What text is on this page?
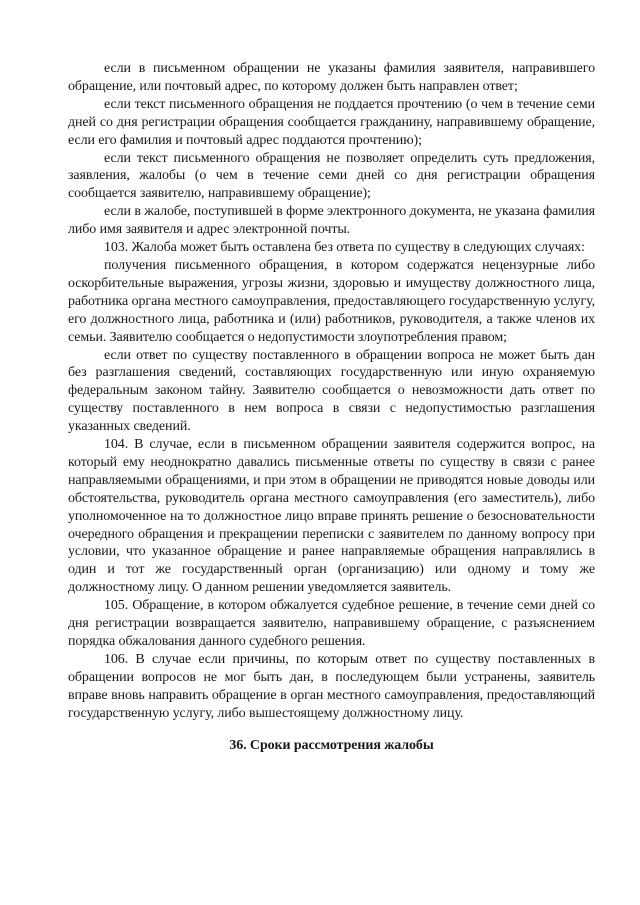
если в письменном обращении не указаны фамилия заявителя, направившего обращение, или почтовый адрес, по которому должен быть направлен ответ;

если текст письменного обращения не поддается прочтению (о чем в течение семи дней со дня регистрации обращения сообщается гражданину, направившему обращение, если его фамилия и почтовый адрес поддаются прочтению);

если текст письменного обращения не позволяет определить суть предложения, заявления, жалобы (о чем в течение семи дней со дня регистрации обращения сообщается заявителю, направившему обращение);

если в жалобе, поступившей в форме электронного документа, не указана фамилия либо имя заявителя и адрес электронной почты.

103. Жалоба может быть оставлена без ответа по существу в следующих случаях:

получения письменного обращения, в котором содержатся нецензурные либо оскорбительные выражения, угрозы жизни, здоровью и имуществу должностного лица, работника органа местного самоуправления, предоставляющего государственную услугу, его должностного лица, работника и (или) работников, руководителя, а также членов их семьи. Заявителю сообщается о недопустимости злоупотребления правом;

если ответ по существу поставленного в обращении вопроса не может быть дан без разглашения сведений, составляющих государственную или иную охраняемую федеральным законом тайну. Заявителю сообщается о невозможности дать ответ по существу поставленного в нем вопроса в связи с недопустимостью разглашения указанных сведений.

104. В случае, если в письменном обращении заявителя содержится вопрос, на который ему неоднократно давались письменные ответы по существу в связи с ранее направляемыми обращениями, и при этом в обращении не приводятся новые доводы или обстоятельства, руководитель органа местного самоуправления (его заместитель), либо уполномоченное на то должностное лицо вправе принять решение о безосновательности очередного обращения и прекращении переписки с заявителем по данному вопросу при условии, что указанное обращение и ранее направляемые обращения направлялись в один и тот же государственный орган (организацию) или одному и тому же должностному лицу. О данном решении уведомляется заявитель.

105. Обращение, в котором обжалуется судебное решение, в течение семи дней со дня регистрации возвращается заявителю, направившему обращение, с разъяснением порядка обжалования данного судебного решения.

106. В случае если причины, по которым ответ по существу поставленных в обращении вопросов не мог быть дан, в последующем были устранены, заявитель вправе вновь направить обращение в орган местного самоуправления, предоставляющий государственную услугу, либо вышестоящему должностному лицу.

36. Сроки рассмотрения жалобы
